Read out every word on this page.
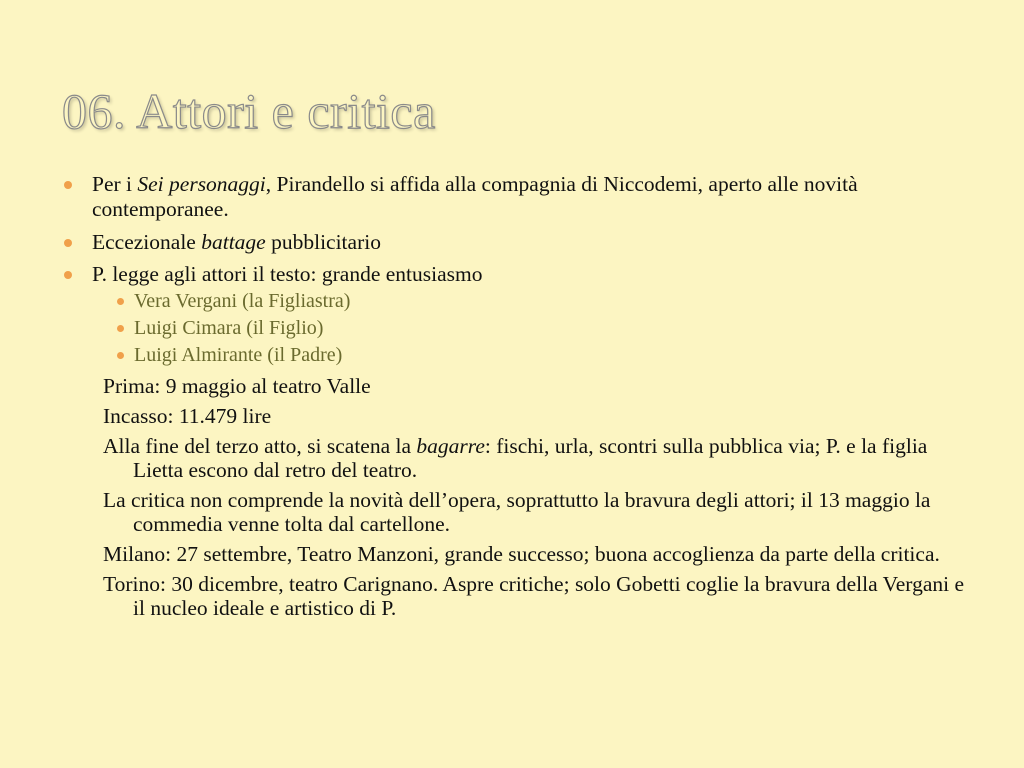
06. Attori e critica
Per i Sei personaggi, Pirandello si affida alla compagnia di Niccodemi, aperto alle novità contemporanee.
Eccezionale battage pubblicitario
P. legge agli attori il testo: grande entusiasmo
Vera Vergani (la Figliastra)
Luigi Cimara (il Figlio)
Luigi Almirante (il Padre)
Prima: 9 maggio al teatro Valle
Incasso: 11.479 lire
Alla fine del terzo atto, si scatena la bagarre: fischi, urla, scontri sulla pubblica via; P. e la figlia Lietta escono dal retro del teatro.
La critica non comprende la novità dell’opera, soprattutto la bravura degli attori; il 13 maggio la commedia venne tolta dal cartellone.
Milano: 27 settembre, Teatro Manzoni, grande successo; buona accoglienza da parte della critica.
Torino: 30 dicembre, teatro Carignano. Aspre critiche; solo Gobetti coglie la bravura della Vergani e il nucleo ideale e artistico di P.
